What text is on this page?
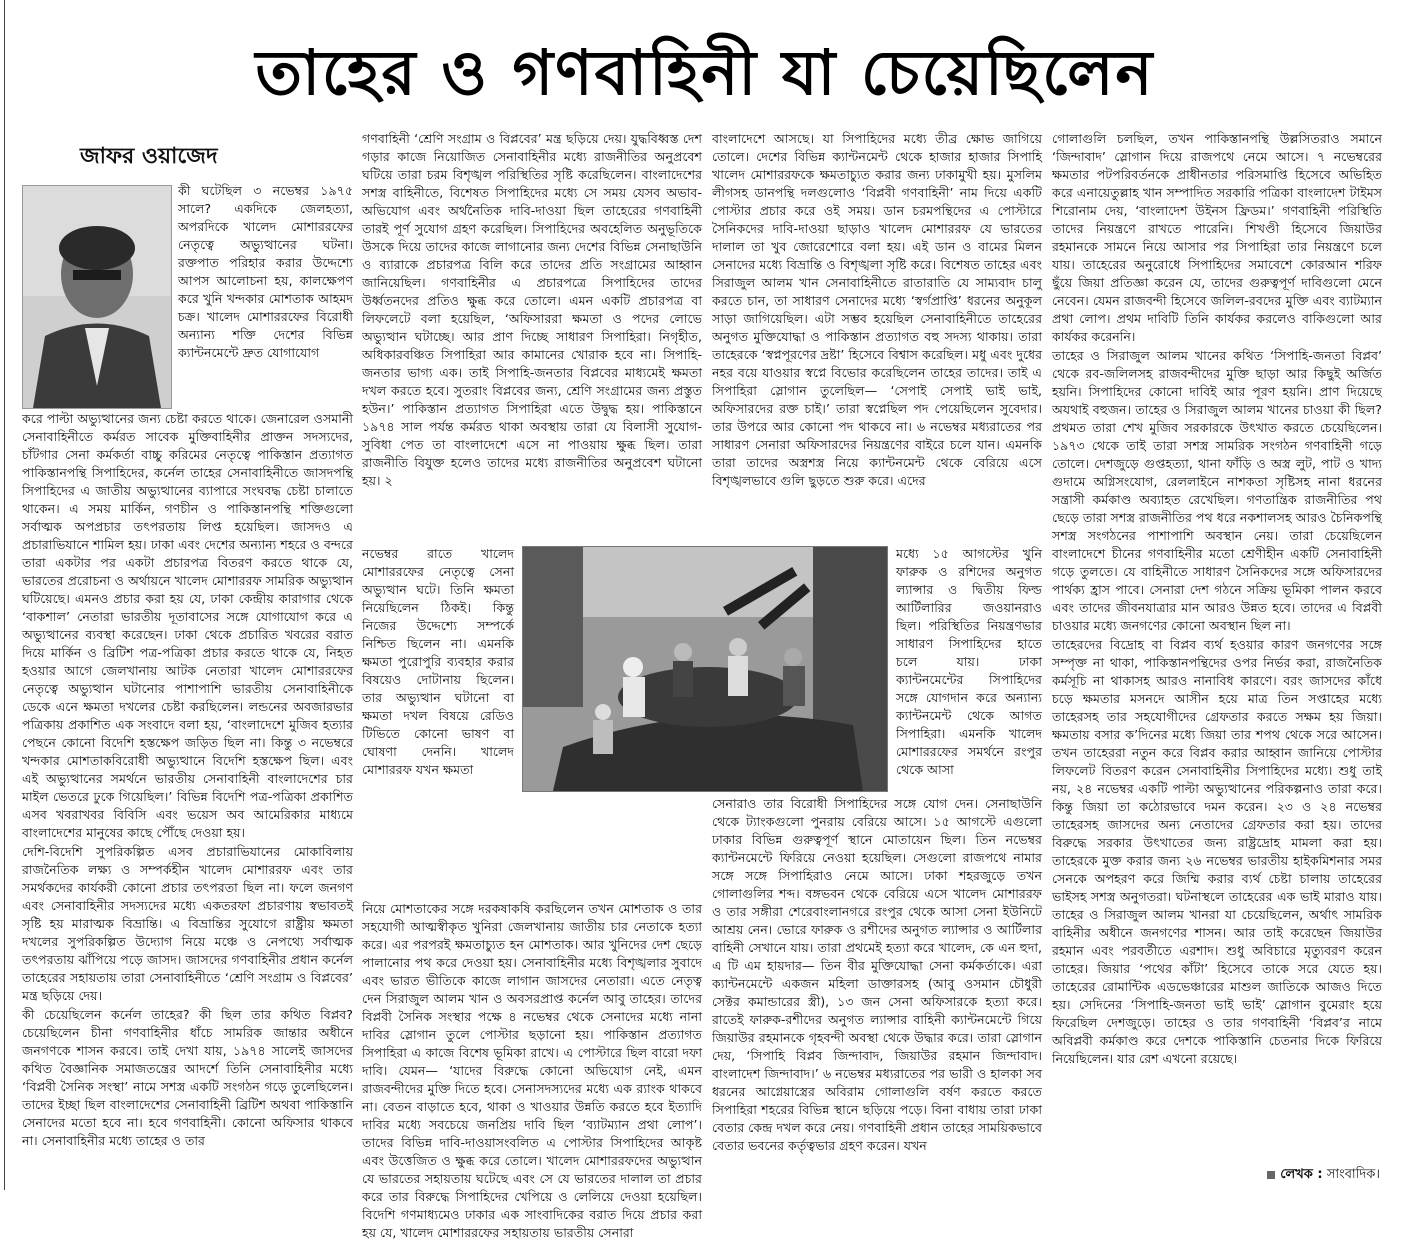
তাহের ও গণবাহিনী যা চেয়েছিলেন
জাফর ওয়াজেদ
কী ঘটেছিল ৩ নভেম্বর ১৯৭৫ সালে? একদিকে জেলহত্যা, অপরদিকে খালেদ মোশাররফের নেতৃত্বে অভ্যুত্থানের ঘটনা। রক্তপাত পরিহার করার উদ্দেশ্যে আপস আলোচনা হয়, কালক্ষেপণ করে খুনি খন্দকার মোশতাক আহমদ চক্র। খালেদ মোশাররফের বিরোধী অন্যান্য শক্তি দেশের বিভিন্ন ক্যান্টনমেন্টে দ্রুত যোগাযোগ

করে পাল্টা অভ্যুত্থানের জন্য চেষ্টা করতে থাকে। জেনারেল ওসমানী সেনাবাহিনীতে কর্মরত সাবেক মুক্তিবাহিনীর প্রাক্তন সদস্যদের, চাঁটগার সেনা কর্মকর্তা বাচ্চু করিমের নেতৃত্বে পাকিস্তান প্রত্যাগত পাকিস্তানপন্থি সিপাহিদের, কর্নেল তাহের সেনাবাহিনীতে জাসদপন্থি সিপাহিদের এ জাতীয় অভ্যুত্থানের ব্যাপারে সংঘবদ্ধ চেষ্টা চালাতে থাকেন। এ সময় মার্কিন, গণচীন ও পাকিস্তানপন্থি শক্তিগুলো সর্বাত্মক অপপ্রচার তৎপরতায় লিপ্ত হয়েছিল। জাসদও এ প্রচারাভিযানে শামিল হয়। ঢাকা এবং দেশের অন্যান্য শহরে ও বন্দরে তারা একটার পর একটা প্রচারপত্র বিতরণ করতে থাকে যে, ভারতের প্ররোচনা ও অর্থায়নে খালেদ মোশাররফ সামরিক অভ্যুত্থান ঘটিয়েছে। এমনও প্রচার করা হয় যে, ঢাকা কেন্দ্রীয় কারাগার থেকে ‘বাকশাল’ নেতারা ভারতীয় দূতাবাসের সঙ্গে যোগাযোগ করে এ অভ্যুত্থানের ব্যবস্থা করেছেন। ঢাকা থেকে প্রচারিত খবরের বরাত দিয়ে মার্কিন ও ব্রিটিশ পত্র-পত্রিকা প্রচার করতে থাকে যে, নিহত হওয়ার আগে জেলখানায় আটক নেতারা খালেদ মোশাররফের নেতৃত্বে অভ্যুত্থান ঘটানোর পাশাপাশি ভারতীয় সেনাবাহিনীকে ডেকে এনে ক্ষমতা দখলের চেষ্টা করছিলেন। লন্ডনের অবজারভার পত্রিকায় প্রকাশিত এক সংবাদে বলা হয়, ‘বাংলাদেশে মুজিব হত্যার পেছনে কোনো বিদেশি হস্তক্ষেপ জড়িত ছিল না। কিন্তু ৩ নভেম্বরে খন্দকার মোশতাকবিরোধী অভ্যুত্থানে বিদেশি হস্তক্ষেপ ছিল। এবং এই অভ্যুত্থানের সমর্থনে ভারতীয় সেনাবাহিনী বাংলাদেশের চার মাইল ভেতরে ঢুকে গিয়েছিল।’ বিভিন্ন বিদেশি পত্র-পত্রিকা প্রকাশিত এসব খবরাখবর বিবিসি এবং ভয়েস অব আমেরিকার মাধ্যমে বাংলাদেশের মানুষের কাছে পৌঁছে দেওয়া হয়।

দেশি-বিদেশি সুপরিকল্পিত এসব প্রচারাভিযানের মোকাবিলায় রাজনৈতিক লক্ষ্য ও সম্পর্কহীন খালেদ মোশাররফ এবং তার সমর্থকদের কার্যকরী কোনো প্রচার তৎপরতা ছিল না। ফলে জনগণ এবং সেনাবাহিনীর সদস্যদের মধ্যে একতরফা প্রচারণায় স্বভাবতই সৃষ্টি হয় মারাত্মক বিভ্রান্তি। এ বিভ্রান্তির সুযোগে রাষ্ট্রীয় ক্ষমতা দখলের সুপরিকল্পিত উদ্যোগ নিয়ে মঞ্চে ও নেপথ্যে সর্বাত্মক তৎপরতায় ঝাঁপিয়ে পড়ে জাসদ। জাসদের গণবাহিনীর প্রধান কর্নেল তাহেরের সহায়তায় তারা সেনাবাহিনীতে ‘শ্রেণি সংগ্রাম ও বিপ্লবের’ মন্ত্র ছড়িয়ে দেয়।

কী চেয়েছিলেন কর্নেল তাহের? কী ছিল তার কথিত বিপ্লব? চেয়েছিলেন চীনা গণবাহিনীর ধাঁচে সামরিক জান্তার অধীনে জনগণকে শাসন করবে। তাই দেখা যায়, ১৯৭৪ সালেই জাসদের কথিত বৈজ্ঞানিক সমাজতন্ত্রের আদর্শে তিনি সেনাবাহিনীর মধ্যে ‘বিপ্লবী সৈনিক সংস্থা’ নামে সশস্ত্র একটি সংগঠন গড়ে তুলেছিলেন। তাদের ইচ্ছা ছিল বাংলাদেশের সেনাবাহিনী ব্রিটিশ অথবা পাকিস্তানি সেনাদের মতো হবে না। হবে গণবাহিনী। কোনো অফিসার থাকবে না। সেনাবাহিনীর মধ্যে তাহের ও তার

গণবাহিনী ‘শ্রেণি সংগ্রাম ও বিপ্লবের’ মন্ত্র ছড়িয়ে দেয়। যুদ্ধবিধ্বস্ত দেশ গড়ার কাজে নিয়োজিত সেনাবাহিনীর মধ্যে রাজনীতির অনুপ্রবেশ ঘটিয়ে তারা চরম বিশৃঙ্খল পরিস্থিতির সৃষ্টি করেছিলেন। বাংলাদেশের সশস্ত্র বাহিনীতে, বিশেষত সিপাহিদের মধ্যে সে সময় যেসব অভাব-অভিযোগ এবং অর্থনৈতিক দাবি-দাওয়া ছিল তাহেরের গণবাহিনী তারই পূর্ণ সুযোগ গ্রহণ করেছিল। সিপাহিদের অবহেলিত অনুভূতিকে উসকে দিয়ে তাদের কাজে লাগানোর জন্য দেশের বিভিন্ন সেনাছাউনি ও ব্যারাকে প্রচারপত্র বিলি করে তাদের প্রতি সংগ্রামের আহ্বান জানিয়েছিল। গণবাহিনীর এ প্রচারপত্রে সিপাহিদের তাদের উর্ধ্বতনদের প্রতিও ক্ষুব্ধ করে তোলে। এমন একটি প্রচারপত্র বা লিফলেটে বলা হয়েছিল, ‘অফিসাররা ক্ষমতা ও পদের লোভে অভ্যুত্থান ঘটাচ্ছে। আর প্রাণ দিচ্ছে সাধারণ সিপাহিরা। নিগৃহীত, অধিকারবঞ্চিত সিপাহিরা আর কামানের খোরাক হবে না। সিপাহি-জনতার ভাগ্য এক। তাই সিপাহি-জনতার বিপ্লবের মাধ্যমেই ক্ষমতা দখল করতে হবে। সুতরাং বিপ্লবের জন্য, শ্রেণি সংগ্রামের জন্য প্রস্তুত হউন।’ পাকিস্তান প্রত্যাগত সিপাহিরা এতে উদ্বুদ্ধ হয়। পাকিস্তানে ১৯৭৪ সাল পর্যন্ত কর্মরত থাকা অবস্থায় তারা যে বিলাসী সুযোগ-সুবিধা পেত তা বাংলাদেশে এসে না পাওয়ায় ক্ষুব্ধ ছিল। তারা রাজনীতি বিযুক্ত হলেও তাদের মধ্যে রাজনীতির অনুপ্রবেশ ঘটানো হয়। ২

নভেম্বর রাতে খালেদ মোশাররফের নেতৃত্বে সেনা অভ্যুত্থান ঘটে। তিনি ক্ষমতা নিয়েছিলেন ঠিকই। কিন্তু নিজের উদ্দেশ্যে সম্পর্কে নিশ্চিত ছিলেন না। এমনকি ক্ষমতা পুরোপুরি ব্যবহার করার বিষয়েও দোটানায় ছিলেন। তার অভ্যুত্থান ঘটানো বা ক্ষমতা দখল বিষয়ে রেডিও টিভিতে কোনো ভাষণ বা ঘোষণা দেননি। খালেদ মোশাররফ যখন ক্ষমতা

নিয়ে মোশতাকের সঙ্গে দরকষাকষি করছিলেন তখন মোশতাক ও তার সহযোগী আত্মস্বীকৃত খুনিরা জেলখানায় জাতীয় চার নেতাকে হত্যা করে। এর পরপরই ক্ষমতাচ্যুত হন মোশতাক। আর খুনিদের দেশ ছেড়ে পালানোর পথ করে দেওয়া হয়। সেনাবাহিনীর মধ্যে বিশৃঙ্খলার সুবাদে এবং ভারত ভীতিকে কাজে লাগান জাসদের নেতারা। এতে নেতৃত্ব দেন সিরাজুল আলম খান ও অবসরপ্রাপ্ত কর্নেল আবু তাহের। তাদের বিপ্লবী সৈনিক সংস্থার পক্ষে ৪ নভেম্বর থেকে সেনাদের মধ্যে নানা দাবির স্লোগান তুলে পোস্টার ছড়ানো হয়। পাকিস্তান প্রত্যাগত সিপাহিরা এ কাজে বিশেষ ভূমিকা রাখে। এ পোস্টারে ছিল বারো দফা দাবি। যেমন— ‘যাদের বিরুদ্ধে কোনো অভিযোগ নেই, এমন রাজবন্দীদের মুক্তি দিতে হবে। সেনাসদস্যদের মধ্যে এক র‌্যাংক থাকবে না। বেতন বাড়াতে হবে, থাকা ও খাওয়ার উন্নতি করতে হবে ইত্যাদি দাবির মধ্যে সবচেয়ে জনপ্রিয় দাবি ছিল ‘ব্যাটম্যান প্রথা লোপ’। তাদের বিভিন্ন দাবি-দাওয়াসংবলিত এ পোস্টার সিপাহিদের আকৃষ্ট এবং উত্তেজিত ও ক্ষুব্ধ করে তোলে। খালেদ মোশাররফদের অভ্যুত্থান যে ভারতের সহায়তায় ঘটেছে এবং সে যে ভারতের দালাল তা প্রচার করে তার বিরুদ্ধে সিপাহিদের খেপিয়ে ও লেলিয়ে দেওয়া হয়েছিল। বিদেশি গণমাধ্যমেও ঢাকার এক সাংবাদিকের বরাত দিয়ে প্রচার করা হয় যে, খালেদ মোশাররফের সহায়তায় ভারতীয় সেনারা

বাংলাদেশে আসছে। যা সিপাহিদের মধ্যে তীব্র ক্ষোভ জাগিয়ে তোলে। দেশের বিভিন্ন ক্যান্টনমেন্ট থেকে হাজার হাজার সিপাহি খালেদ মোশাররফকে ক্ষমতাচ্যুত করার জন্য ঢাকামুখী হয়। মুসলিম লীগসহ ডানপন্থি দলগুলোও ‘বিপ্লবী গণবাহিনী’ নাম দিয়ে একটি পোস্টার প্রচার করে ওই সময়। ডান চরমপন্থিদের এ পোস্টারে সৈনিকদের দাবি-দাওয়া ছাড়াও খালেদ মোশাররফ যে ভারতের দালাল তা খুব জোরেশোরে বলা হয়। এই ডান ও বামের মিলন সেনাদের মধ্যে বিভ্রান্তি ও বিশৃঙ্খলা সৃষ্টি করে। বিশেষত তাহের এবং সিরাজুল আলম খান সেনাবাহিনীতে রাতারাতি যে সাম্যবাদ চালু করতে চান, তা সাধারণ সেনাদের মধ্যে ‘স্বর্গপ্রাপ্তি’ ধরনের অনুকূল সাড়া জাগিয়েছিল। এটা সম্ভব হয়েছিল সেনাবাহিনীতে তাহেরের অনুগত মুক্তিযোদ্ধা ও পাকিস্তান প্রত্যাগত বহু সদস্য থাকায়। তারা তাহেরকে ‘স্বপ্নপূরণের দ্রষ্টা’ হিসেবে বিশ্বাস করেছিল। মধু এবং দুধের নহর বয়ে যাওয়ার স্বপ্নে বিভোর করেছিলেন তাহের তাদের। তাই এ সিপাহিরা স্লোগান তুলেছিল— ‘সেপাই সেপাই ভাই ভাই, অফিসারদের রক্ত চাই।’ তারা স্বপ্নেছিল পদ পেয়েছিলেন সুবেদার। তার উপরে আর কোনো পদ থাকবে না। ৬ নভেম্বর মধ্যরাতের পর সাধারণ সেনারা অফিসারদের নিয়ন্ত্রণের বাইরে চলে যান। এমনকি তারা তাদের অস্ত্রশস্ত্র নিয়ে ক্যান্টনমেন্ট থেকে বেরিয়ে এসে বিশৃঙ্খলভাবে গুলি ছুড়তে শুরু করে। এদের

মধ্যে ১৫ আগস্টের খুনি ফারুক ও রশিদের অনুগত ল্যান্সার ও দ্বিতীয় ফিল্ড আর্টিলারির জওয়ানরাও ছিল। পরিস্থিতির নিয়ন্ত্রণভার সাধারণ সিপাহিদের হাতে চলে যায়। ঢাকা ক্যান্টনমেন্টের সিপাহিদের সঙ্গে যোগদান করে অন্যান্য ক্যান্টনমেন্ট থেকে আগত সিপাহিরা। এমনকি খালেদ মোশাররফের সমর্থনে রংপুর থেকে আসা

সেনারাও তার বিরোধী সিপাহিদের সঙ্গে যোগ দেন। সেনাছাউনি থেকে ট্যাংকগুলো পুনরায় বেরিয়ে আসে। ১৫ আগস্টে এগুলো ঢাকার বিভিন্ন গুরুত্বপূর্ণ স্থানে মোতায়েন ছিল। তিন নভেম্বর ক্যান্টনমেন্টে ফিরিয়ে নেওয়া হয়েছিল। সেগুলো রাজপথে নামার সঙ্গে সঙ্গে সিপাহিরাও নেমে আসে। ঢাকা শহরজুড়ে তখন গোলাগুলির শব্দ। বঙ্গভবন থেকে বেরিয়ে এসে খালেদ মোশাররফ ও তার সঙ্গীরা শেরেবাংলানগরে রংপুর থেকে আসা সেনা ইউনিটে আশ্রয় নেন। ভোরে ফারুক ও রশীদের অনুগত ল্যান্সার ও আর্টিলার বাহিনী সেখানে যায়। তারা প্রথমেই হত্যা করে খালেদ, কে এন হুদা, এ টি এম হায়দার— তিন বীর মুক্তিযোদ্ধা সেনা কর্মকর্তাকে। এরা ক্যান্টনমেন্টে একজন মহিলা ডাক্তারসহ (আবু ওসমান চৌধুরী সেক্টর কমান্ডারের স্ত্রী), ১৩ জন সেনা অফিসারকে হত্যা করে। রাতেই ফারুক-রশীদের অনুগত ল্যান্সার বাহিনী ক্যান্টনমেন্টে গিয়ে জিয়াউর রহমানকে গৃহবন্দী অবস্থা থেকে উদ্ধার করে। তারা স্লোগান দেয়, ‘সিপাহি বিপ্লব জিন্দাবাদ, জিয়াউর রহমান জিন্দাবাদ। বাংলাদেশ জিন্দাবাদ।’ ৬ নভেম্বর মধ্যরাতের পর ভারী ও হালকা সব ধরনের আগ্নেয়াস্ত্রের অবিরাম গোলাগুলি বর্ষণ করতে করতে সিপাহিরা শহরের বিভিন্ন স্থানে ছড়িয়ে পড়ে। বিনা বাধায় তারা ঢাকা বেতার কেন্দ্র দখল করে নেয়। গণবাহিনী প্রধান তাহের সাময়িকভাবে বেতার ভবনের কর্তৃত্বভার গ্রহণ করেন। যখন

গোলাগুলি চলছিল, তখন পাকিস্তানপন্থি উল্লসিতরাও সমানে ‘জিন্দাবাদ’ স্লোগান দিয়ে রাজপথে নেমে আসে। ৭ নভেম্বরের ক্ষমতার পটপরিবর্তনকে প্রাধীনতার পরিসমাপ্তি হিসেবে অভিহিত করে এনায়েতুল্লাহ খান সম্পাদিত সরকারি পত্রিকা বাংলাদেশ টাইমস শিরোনাম দেয়, ‘বাংলাদেশ উইনস ফ্রিডম।’ গণবাহিনী পরিস্থিতি তাদের নিয়ন্ত্রণে রাখতে পারেনি। শিখণ্ডী হিসেবে জিয়াউর রহমানকে সামনে নিয়ে আসার পর সিপাহিরা তার নিয়ন্ত্রণে চলে যায়। তাহেরের অনুরোধে সিপাহিদের সমাবেশে কোরআন শরিফ ছুঁয়ে জিয়া প্রতিজ্ঞা করেন যে, তাদের গুরুত্বপূর্ণ দাবিগুলো মেনে নেবেন। যেমন রাজবন্দী হিসেবে জলিল-রবদের মুক্তি এবং ব্যাটম্যান প্রথা লোপ। প্রথম দাবিটি তিনি কার্যকর করলেও বাকিগুলো আর কার্যকর করেননি।

তাহের ও সিরাজুল আলম খানের কথিত ‘সিপাহি-জনতা বিপ্লব’ থেকে রব-জলিলসহ রাজবন্দীদের মুক্তি ছাড়া আর কিছুই অর্জিত হয়নি। সিপাহিদের কোনো দাবিই আর পূরণ হয়নি। প্রাণ দিয়েছে অযথাই বহুজন। তাহের ও সিরাজুল আলম খানের চাওয়া কী ছিল? প্রথমত তারা শেখ মুজিব সরকারকে উৎখাত করতে চেয়েছিলেন। ১৯৭৩ থেকে তাই তারা সশস্ত্র সামরিক সংগঠন গণবাহিনী গড়ে তোলে। দেশজুড়ে গুপ্তহত্যা, থানা ফাঁড়ি ও অস্ত্র লুট, পাট ও খাদ্য গুদামে অগ্নিসংযোগ, রেললাইনে নাশকতা সৃষ্টিসহ নানা ধরনের সন্ত্রাসী কর্মকাণ্ড অব্যাহত রেখেছিল। গণতান্ত্রিক রাজনীতির পথ ছেড়ে তারা সশস্ত্র রাজনীতির পথ ধরে নকশালসহ আরও চৈনিকপন্থি সশস্ত্র সংগঠনের পাশাপাশি অবস্থান নেয়। তারা চেয়েছিলেন বাংলাদেশে চীনের গণবাহিনীর মতো শ্রেণীহীন একটি সেনাবাহিনী গড়ে তুলতে। যে বাহিনীতে সাধারণ সৈনিকদের সঙ্গে অফিসারদের পার্থক্য হ্রাস পাবে। সেনারা দেশ গঠনে সক্রিয় ভূমিকা পালন করবে এবং তাদের জীবনযাত্রার মান আরও উন্নত হবে। তাদের এ বিপ্লবী চাওয়ার মধ্যে জনগণের কোনো অবস্থান ছিল না।

তাহেরদের বিদ্রোহ বা বিপ্লব ব্যর্থ হওয়ার কারণ জনগণের সঙ্গে সম্পৃক্ত না থাকা, পাকিস্তানপন্থিদের ওপর নির্ভর করা, রাজনৈতিক কর্মসূচি না থাকাসহ আরও নানাবিধ কারণে। বরং জাসদের কাঁধে চড়ে ক্ষমতার মসনদে আসীন হয়ে মাত্র তিন সপ্তাহের মধ্যে তাহেরসহ তার সহযোগীদের গ্রেফতার করতে সক্ষম হয় জিয়া। ক্ষমতায় বসার ক’দিনের মধ্যে জিয়া তার শপথ থেকে সরে আসেন। তখন তাহেররা নতুন করে বিপ্লব করার আহ্বান জানিয়ে পোস্টার লিফলেট বিতরণ করেন সেনাবাহিনীর সিপাহিদের মধ্যে। শুধু তাই নয়, ২৪ নভেম্বর একটি পাল্টা অভ্যুত্থানের পরিকল্পনাও তারা করে। কিন্তু জিয়া তা কঠোরভাবে দমন করেন। ২৩ ও ২৪ নভেম্বর তাহেরসহ জাসদের অন্য নেতাদের গ্রেফতার করা হয়। তাদের বিরুদ্ধে সরকার উৎখাতের জন্য রাষ্ট্রদ্রোহ মামলা করা হয়। তাহেরকে মুক্ত করার জন্য ২৬ নভেম্বর ভারতীয় হাইকমিশনার সমর সেনকে অপহরণ করে জিম্মি করার ব্যর্থ চেষ্টা চালায় তাহেরের ভাইসহ সশস্ত্র অনুগতরা। ঘটনাস্থলে তাহেরের এক ভাই মারাও যায়। তাহের ও সিরাজুল আলম খানরা যা চেয়েছিলেন, অর্থাৎ সামরিক বাহিনীর অধীনে জনগণের শাসন। আর তাই করেছেন জিয়াউর রহমান এবং পরবর্তীতে এরশাদ। শুধু অবিচারে মৃত্যুবরণ করেন তাহের। জিয়ার ‘পথের কাঁটা’ হিসেবে তাকে সরে যেতে হয়। তাহেরের রোমান্টিক এডভেঞ্চারের মাশুল জাতিকে আজও দিতে হয়। সেদিনের ‘সিপাহি-জনতা ভাই ভাই’ স্লোগান বুমেরাং হয়ে ফিরেছিল দেশজুড়ে। তাহের ও তার গণবাহিনী ‘বিপ্লব’র নামে অবিপ্লবী কর্মকাণ্ড করে দেশকে পাকিস্তানি চেতনার দিকে ফিরিয়ে নিয়েছিলেন। যার রেশ এখনো রয়েছে।

লেখক : সাংবাদিক।
